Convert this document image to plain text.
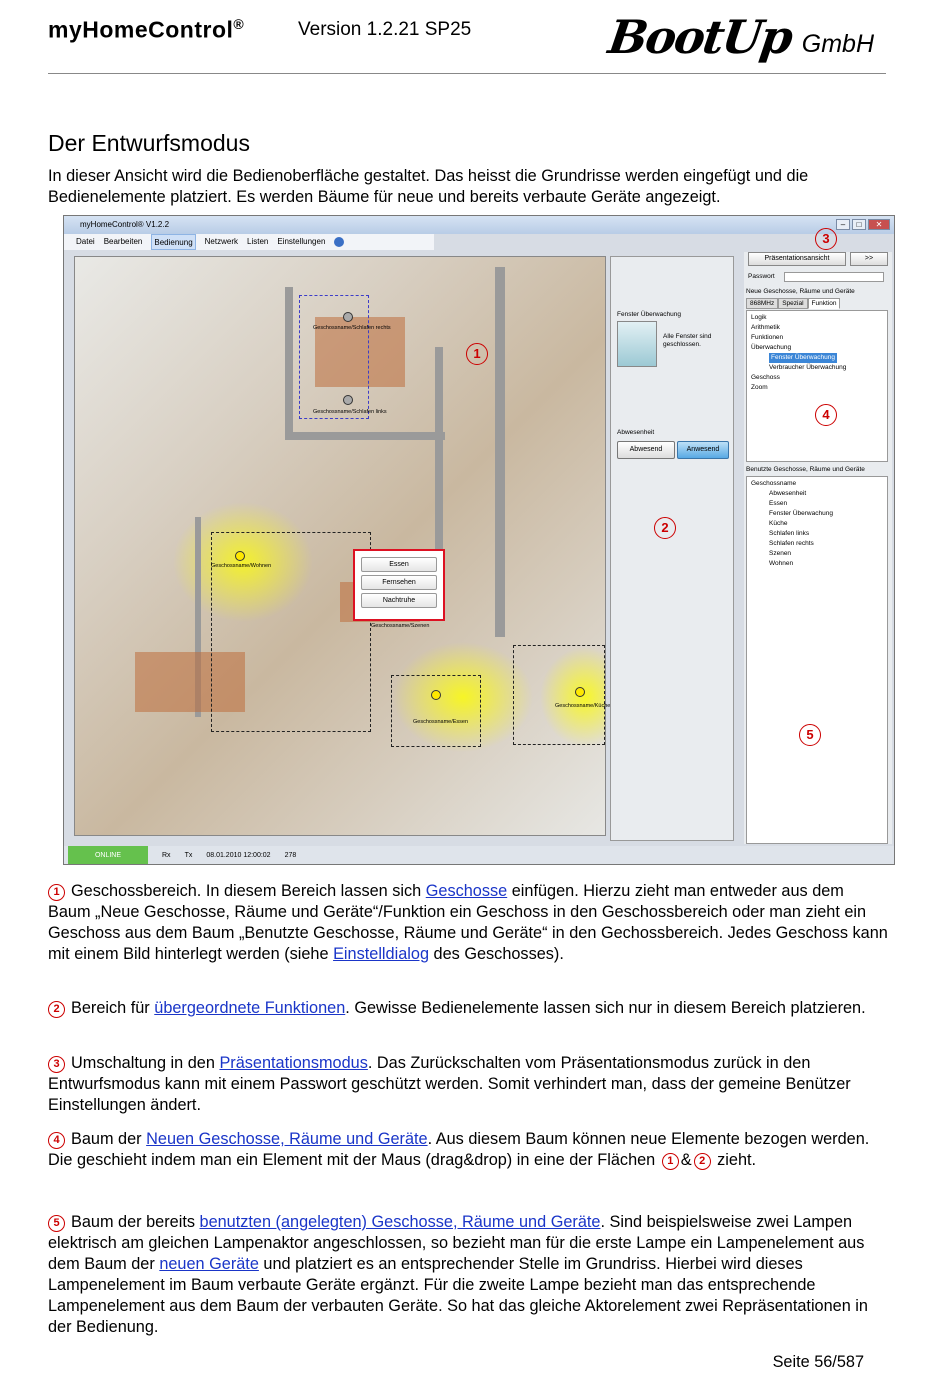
myHomeControl®	Version 1.2.21 SP25	BootUp GmbH
Der Entwurfsmodus

In dieser Ansicht wird die Bedienoberfläche gestaltet. Das heisst die Grundrisse werden eingefügt und die Bedienelemente platziert. Es werden Bäume für neue und bereits verbaute Geräte angezeigt.

myHomeControl® V1.2.2	–	□	✕
Datei Bearbeiten	Bedienung	Netzwerk Listen Einstellungen
Geschossname/Schlafen rechts
Geschossname/Schlafen links
Geschossname/Wohnen	Essen
Fernsehen
Nachtruhe
Geschossname/Szenen
Geschossname/Essen
Geschossname/Küche
1
Fenster Überwachung
Alle Fenster sind geschlossen.
Abwesenheit
Abwesend	Anwesend
2
Präsentationsansicht	>>
Passwort
Neue Geschosse, Räume und Geräte
868MHz	Spezial	Funktion
Logik
Arithmetik
Funktionen
Überwachung
Fenster Überwachung
Verbraucher Überwachung
Geschoss
Zoom
Benutzte Geschosse, Räume und Geräte
Geschossname
Abwesenheit
Essen
Fenster Überwachung
Küche
Schlafen links
Schlafen rechts
Szenen
Wohnen
3
4
5
ONLINE	Rx Tx 08.01.2010 12:00:02 278

1 Geschossbereich. In diesem Bereich lassen sich Geschosse einfügen. Hierzu zieht man entweder aus dem Baum „Neue Geschosse, Räume und Geräte“/Funktion ein Geschoss in den Geschossbereich oder man zieht ein Geschoss aus dem Baum „Benutzte Geschosse, Räume und Geräte“ in den Gechossbereich. Jedes Geschoss kann mit einem Bild hinterlegt werden (siehe Einstelldialog des Geschosses).

2 Bereich für übergeordnete Funktionen. Gewisse Bedienelemente lassen sich nur in diesem Bereich platzieren.

3 Umschaltung in den Präsentationsmodus. Das Zurückschalten vom Präsentationsmodus zurück in den Entwurfsmodus kann mit einem Passwort geschützt werden. Somit verhindert man, dass der gemeine Benützer Einstellungen ändert.

4 Baum der Neuen Geschosse, Räume und Geräte. Aus diesem Baum können neue Elemente bezogen werden. Die geschieht indem man ein Element mit der Maus (drag&drop) in eine der Flächen 1 & 2 zieht.

5 Baum der bereits benutzten (angelegten) Geschosse, Räume und Geräte. Sind beispielsweise zwei Lampen elektrisch am gleichen Lampenaktor angeschlossen, so bezieht man für die erste Lampe ein Lampenelement aus dem Baum der neuen Geräte und platziert es an entsprechender Stelle im Grundriss. Hierbei wird dieses Lampenelement im Baum verbaute Geräte ergänzt. Für die zweite Lampe bezieht man das entsprechende Lampenelement aus dem Baum der verbauten Geräte. So hat das gleiche Aktorelement zwei Repräsentationen in der Bedienung.

Seite 56/587
